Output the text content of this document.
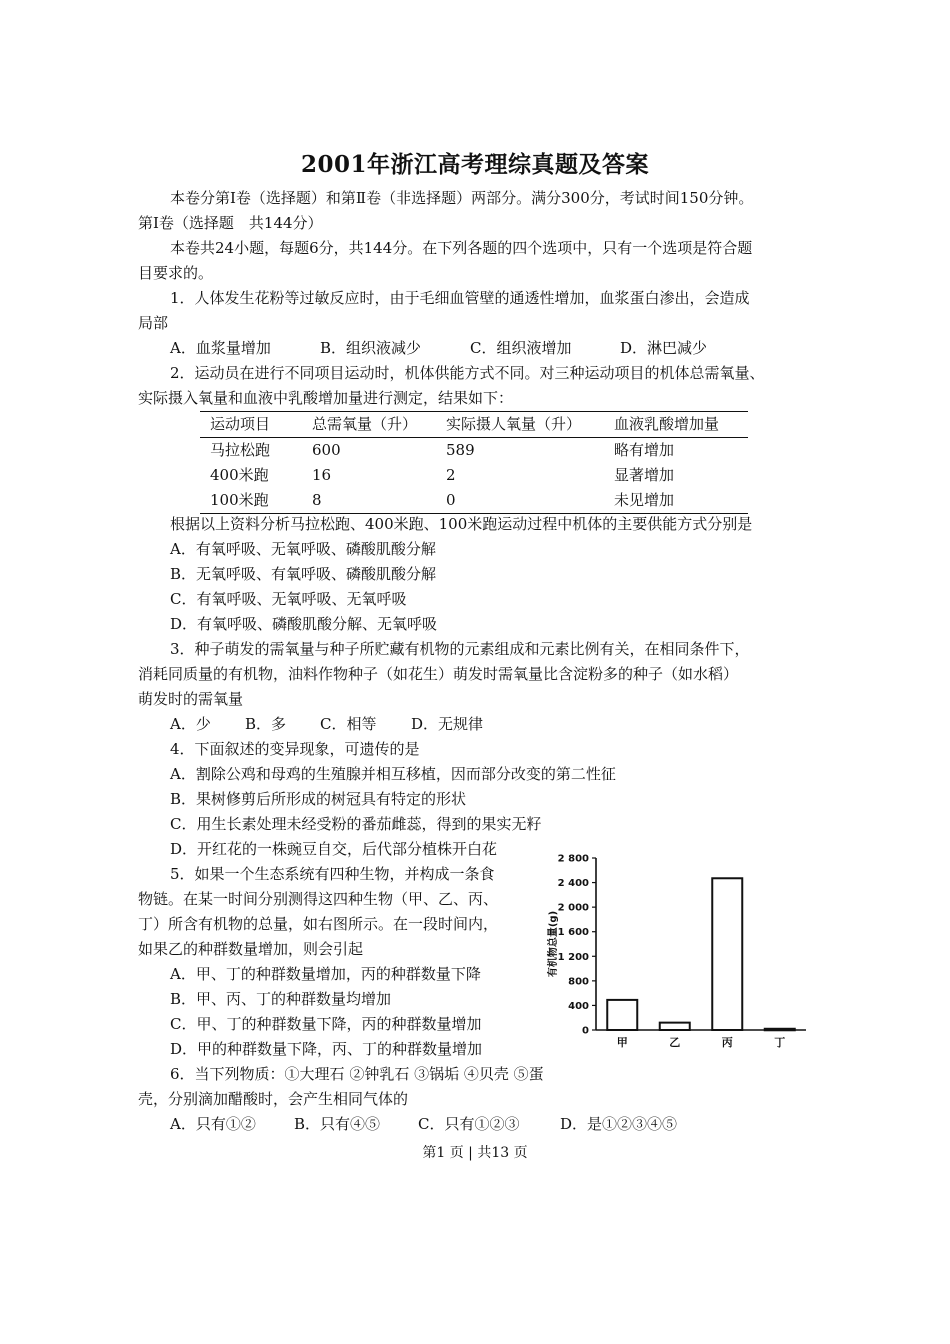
2001年浙江高考理综真题及答案
本卷分第Ⅰ卷（选择题）和第Ⅱ卷（非选择题）两部分。满分300分，考试时间150分钟。
第Ⅰ卷（选择题　共144分）
本卷共24小题，每题6分，共144分。在下列各题的四个选项中，只有一个选项是符合题
目要求的。
1．人体发生花粉等过敏反应时，由于毛细血管壁的通透性增加，血浆蛋白渗出，会造成
局部
A．血浆量增加	B．组织液减少	C．组织液增加	D．淋巴减少
2．运动员在进行不同项目运动时，机体供能方式不同。对三种运动项目的机体总需氧量、
实际摄入氧量和血液中乳酸增加量进行测定，结果如下：
运动项目	总需氧量（升）	实际摄人氧量（升）	血液乳酸增加量
马拉松跑	600	589	略有增加
400米跑	16	2	显著增加
100米跑	8	0	未见增加
根据以上资料分析马拉松跑、400米跑、100米跑运动过程中机体的主要供能方式分别是
A．有氧呼吸、无氧呼吸、磷酸肌酸分解
B．无氧呼吸、有氧呼吸、磷酸肌酸分解
C．有氧呼吸、无氧呼吸、无氧呼吸
D．有氧呼吸、磷酸肌酸分解、无氧呼吸
3．种子萌发的需氧量与种子所贮藏有机物的元素组成和元素比例有关，在相同条件下，
消耗同质量的有机物，油料作物种子（如花生）萌发时需氧量比含淀粉多的种子（如水稻）
萌发时的需氧量
A．少 B．多 C．相等 D．无规律
4．下面叙述的变异现象，可遗传的是
A．割除公鸡和母鸡的生殖腺并相互移植，因而部分改变的第二性征
B．果树修剪后所形成的树冠具有特定的形状
C．用生长素处理未经受粉的番茄雌蕊，得到的果实无籽
D．开红花的一株豌豆自交，后代部分植株开白花
5．如果一个生态系统有四种生物，并构成一条食
物链。在某一时间分别测得这四种生物（甲、乙、丙、
丁）所含有机物的总量，如右图所示。在一段时间内，
如果乙的种群数量增加，则会引起
A．甲、丁的种群数量增加，丙的种群数量下降
B．甲、丙、丁的种群数量均增加
C．甲、丁的种群数量下降，丙的种群数量增加
D．甲的种群数量下降，丙、丁的种群数量增加
6．当下列物质：①大理石 ②钟乳石 ③锅垢 ④贝壳 ⑤蛋
壳，分别滴加醋酸时，会产生相同气体的
A．只有①②	B．只有④⑤	C．只有①②③	D．是①②③④⑤
0
400
800
1 200
1 600
2 000
2 400
2 800
有机物总量(g)
甲	乙	丙	丁
第1 页 | 共13 页
